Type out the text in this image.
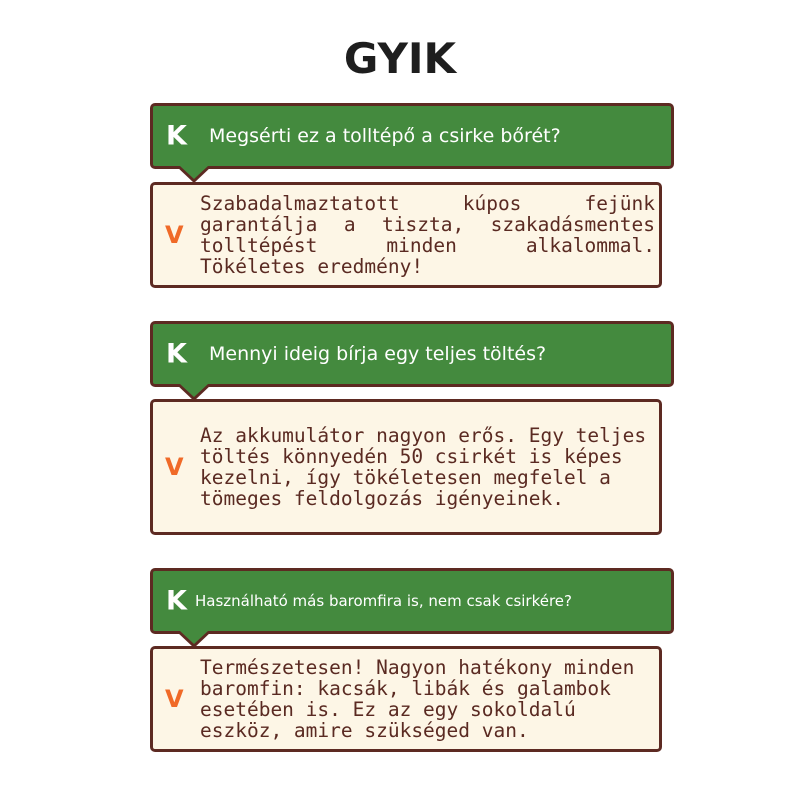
GYIK
K Megsérti ez a tolltépő a csirke bőrét?
V
Szabadalmaztatott kúpos fejünk garantálja a tiszta, szakadásmentes tolltépést minden alkalommal. Tökéletes eredmény!
K Mennyi ideig bírja egy teljes töltés?
V
Az akkumulátor nagyon erős. Egy teljes töltés könnyedén 50 csirkét is képes kezelni, így tökéletesen megfelel a tömeges feldolgozás igényeinek.
K Használható más baromfira is, nem csak csirkére?
V
Természetesen! Nagyon hatékony minden baromfin: kacsák, libák és galambok esetében is. Ez az egy sokoldalú eszköz, amire szükséged van.
